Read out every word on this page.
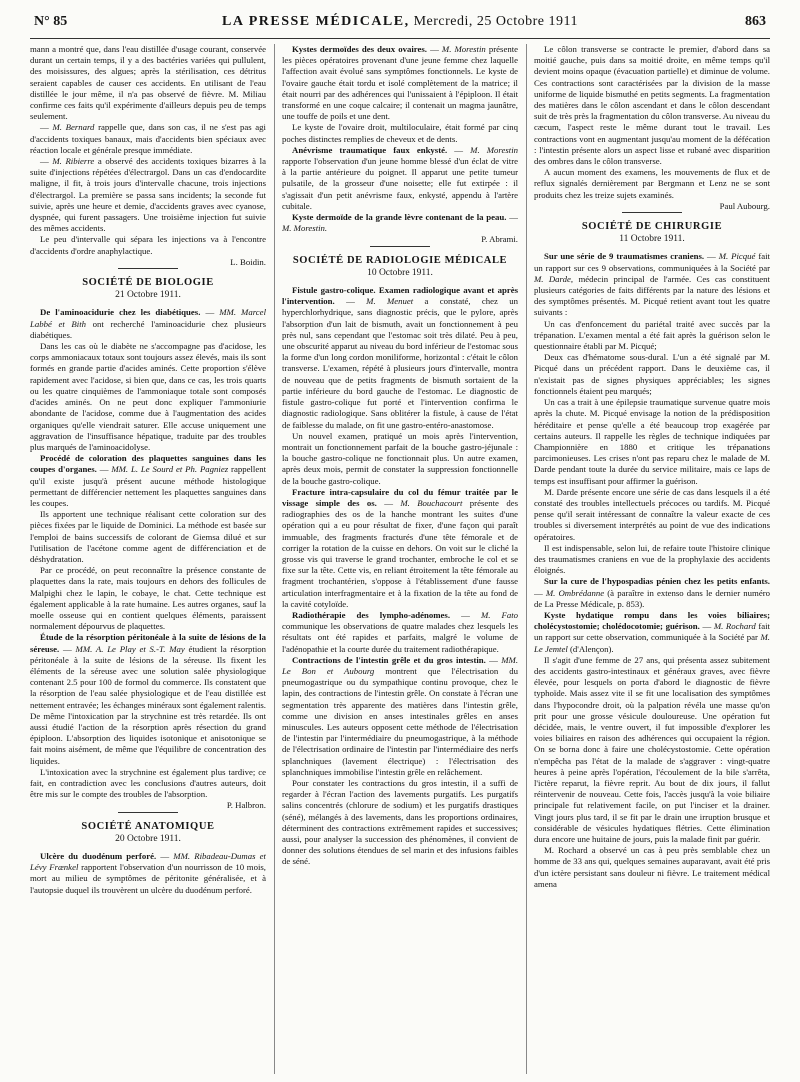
N° 85	LA PRESSE MÉDICALE, Mercredi, 25 Octobre 1911	863

mann a montré que, dans l'eau distillée d'usage courant, conservée durant un certain temps, il y a des bactéries variées qui pullulent, des moisissures, des algues; après la stérilisation, ces détritus seraient capables de causer ces accidents. En utilisant de l'eau distillée le jour même, il n'a pas observé de fièvre. M. Miliau confirme ces faits qu'il expérimente d'ailleurs depuis peu de temps seulement.

— M. Bernard rappelle que, dans son cas, il ne s'est pas agi d'accidents toxiques banaux, mais d'accidents bien spéciaux avec réaction locale et générale presque immédiate.

— M. Ribierre a observé des accidents toxiques bizarres à la suite d'injections répétées d'électrargol. Dans un cas d'endocardite maligne, il fit, à trois jours d'intervalle chacune, trois injections d'électrargol. La première se passa sans incidents; la seconde fut suivie, après une heure et demie, d'accidents graves avec cyanose, dyspnée, qui furent passagers. Une troisième injection fut suivie des mêmes accidents.

Le peu d'intervalle qui sépara les injections va à l'encontre d'accidents d'ordre anaphylactique.

L. Boidin.

SOCIÉTÉ DE BIOLOGIE
21 Octobre 1911.

De l'aminoacidurie chez les diabétiques. — MM. Marcel Labbé et Bith ont recherché l'aminoacidurie chez plusieurs diabétiques.

Dans les cas où le diabète ne s'accompagne pas d'acidose, les corps ammoniacaux totaux sont toujours assez élevés, mais ils sont formés en grande partie d'acides aminés. Cette proportion s'élève rapidement avec l'acidose, si bien que, dans ce cas, les trois quarts ou les quatre cinquièmes de l'ammoniaque totale sont composés d'acides aminés. On ne peut donc expliquer l'ammoniurie abondante de l'acidose, comme due à l'augmentation des acides organiques qu'elle viendrait saturer. Elle accuse uniquement une aggravation de l'insuffisance hépatique, traduite par des troubles plus marqués de l'aminoacidolyse.

Procédé de coloration des plaquettes sanguines dans les coupes d'organes. — MM. L. Le Sourd et Ph. Pagniez rappellent qu'il existe jusqu'à présent aucune méthode histologique permettant de différencier nettement les plaquettes sanguines dans les coupes.

Ils apportent une technique réalisant cette coloration sur des pièces fixées par le liquide de Dominici. La méthode est basée sur l'emploi de bains successifs de colorant de Giemsa dilué et sur l'utilisation de l'acétone comme agent de différenciation et de déshydratation.

Par ce procédé, on peut reconnaître la présence constante de plaquettes dans la rate, mais toujours en dehors des follicules de Malpighi chez le lapin, le cobaye, le chat. Cette technique est également applicable à la rate humaine. Les autres organes, sauf la moelle osseuse qui en contient quelques éléments, paraissent normalement dépourvus de plaquettes.

Étude de la résorption péritonéale à la suite de lésions de la séreuse. — MM. A. Le Play et S.-T. May étudient la résorption péritonéale à la suite de lésions de la séreuse. Ils fixent les éléments de la séreuse avec une solution salée physiologique contenant 2.5 pour 100 de formol du commerce. Ils constatent que la résorption de l'eau salée physiologique et de l'eau distillée est nettement entravée; les échanges minéraux sont également ralentis. De même l'intoxication par la strychnine est très retardée. Ils ont aussi étudié l'action de la résorption après résection du grand épiploon. L'absorption des liquides isotonique et anisotonique se fait moins aisément, de même que l'équilibre de concentration des liquides.

L'intoxication avec la strychnine est également plus tardive; ce fait, en contradiction avec les conclusions d'autres auteurs, doit être mis sur le compte des troubles de l'absorption.

P. Halbron.

SOCIÉTÉ ANATOMIQUE
20 Octobre 1911.

Ulcère du duodénum perforé. — MM. Ribadeau-Dumas et Lévy Frænkel rapportent l'observation d'un nourrisson de 10 mois, mort au milieu de symptômes de péritonite généralisée, et à l'autopsie duquel ils trouvèrent un ulcère du duodénum perforé.

Kystes dermoïdes des deux ovaires. — M. Morestin présente les pièces opératoires provenant d'une jeune femme chez laquelle l'affection avait évolué sans symptômes fonctionnels. Le kyste de l'ovaire gauche était tordu et isolé complètement de la matrice; il était nourri par des adhérences qui l'unissaient à l'épiploon. Il était transformé en une coque calcaire; il contenait un magma jaunâtre, une touffe de poils et une dent.

Le kyste de l'ovaire droit, multiloculaire, était formé par cinq poches distinctes remplies de cheveux et de dents.

Anévrisme traumatique faux enkysté. — M. Morestin rapporte l'observation d'un jeune homme blessé d'un éclat de vitre à la partie antérieure du poignet. Il apparut une petite tumeur pulsatile, de la grosseur d'une noisette; elle fut extirpée : il s'agissait d'un petit anévrisme faux, enkysté, appendu à l'artère cubitale.

Kyste dermoïde de la grande lèvre contenant de la peau. — M. Morestin.

P. Abrami.

SOCIÉTÉ DE RADIOLOGIE MÉDICALE
10 Octobre 1911.

Fistule gastro-colique. Examen radiologique avant et après l'intervention. — M. Menuet a constaté, chez un hyperchlorhydrique, sans diagnostic précis, que le pylore, après l'absorption d'un lait de bismuth, avait un fonctionnement à peu près nul, sans cependant que l'estomac soit très dilaté. Peu à peu, une obscurité apparut au niveau du bord inférieur de l'estomac sous la forme d'un long cordon moniliforme, horizontal : c'était le côlon transverse. L'examen, répété à plusieurs jours d'intervalle, montra de nouveau que de petits fragments de bismuth sortaient de la partie inférieure du bord gauche de l'estomac. Le diagnostic de fistule gastro-colique fut porté et l'intervention confirma le diagnostic radiologique. Sans oblitérer la fistule, à cause de l'état de faiblesse du malade, on fit une gastro-entéro-anastomose.

Un nouvel examen, pratiqué un mois après l'intervention, montrait un fonctionnement parfait de la bouche gastro-jéjunale : la bouche gastro-colique ne fonctionnait plus. Un autre examen, après deux mois, permit de constater la suppression fonctionnelle de la bouche gastro-colique.

Fracture intra-capsulaire du col du fémur traitée par le vissage simple des os. — M. Bouchacourt présente des radiographies des os de la hanche montrant les suites d'une opération qui a eu pour résultat de fixer, d'une façon qui paraît immuable, des fragments fracturés d'une tête fémorale et de corriger la rotation de la cuisse en dehors. On voit sur le cliché la grosse vis qui traverse le grand trochanter, embroche le col et se fixe sur la tête. Cette vis, en reliant étroitement la tête fémorale au fragment trochantérien, s'oppose à l'établissement d'une fausse articulation interfragmentaire et à la fixation de la tête au fond de la cavité cotyloïde.

Radiothérapie des lympho-adénomes. — M. Fato communique les observations de quatre malades chez lesquels les résultats ont été rapides et parfaits, malgré le volume de l'adénopathie et la courte durée du traitement radiothérapique.

Contractions de l'intestin grêle et du gros intestin. — MM. Le Bon et Aubourg montrent que l'électrisation du pneumogastrique ou du sympathique continu provoque, chez le lapin, des contractions de l'intestin grêle. On constate à l'écran une segmentation très apparente des matières dans l'intestin grêle, comme une division en anses intestinales grêles en anses minuscules. Les auteurs opposent cette méthode de l'électrisation de l'intestin par l'intermédiaire du pneumogastrique, à la méthode de l'électrisation ordinaire de l'intestin par l'intermédiaire des nerfs splanchniques (lavement électrique) : l'électrisation des splanchniques immobilise l'intestin grêle en relâchement.

Pour constater les contractions du gros intestin, il a suffi de regarder à l'écran l'action des lavements purgatifs. Les purgatifs salins concentrés (chlorure de sodium) et les purgatifs drastiques (séné), mélangés à des lavements, dans les proportions ordinaires, déterminent des contractions extrêmement rapides et successives; aussi, pour analyser la succession des phénomènes, il convient de donner des solutions étendues de sel marin et des infusions faibles de séné.

Le côlon transverse se contracte le premier, d'abord dans sa moitié gauche, puis dans sa moitié droite, en même temps qu'il devient moins opaque (évacuation partielle) et diminue de volume. Ces contractions sont caractérisées par la division de la masse uniforme de liquide bismuthé en petits segments. La fragmentation des matières dans le côlon ascendant et dans le côlon descendant suit de très près la fragmentation du côlon transverse. Au niveau du cæcum, l'aspect reste le même durant tout le travail. Les contractions vont en augmentant jusqu'au moment de la défécation : l'intestin présente alors un aspect lisse et rubané avec disparition des ombres dans le côlon transverse.

A aucun moment des examens, les mouvements de flux et de reflux signalés dernièrement par Bergmann et Lenz ne se sont produits chez les treize sujets examinés.

Paul Aubourg.

SOCIÉTÉ DE CHIRURGIE
11 Octobre 1911.

Sur une série de 9 traumatismes craniens. — M. Picqué fait un rapport sur ces 9 observations, communiquées à la Société par M. Darde, médecin principal de l'armée. Ces cas constituent plusieurs catégories de faits différents par la nature des lésions et des symptômes présentés. M. Picqué retient avant tout les quatre suivants :

Un cas d'enfoncement du pariétal traité avec succès par la trépanation. L'examen mental a été fait après la guérison selon le questionnaire établi par M. Picqué;

Deux cas d'hématome sous-dural. L'un a été signalé par M. Picqué dans un précédent rapport. Dans le deuxième cas, il n'existait pas de signes physiques appréciables; les signes fonctionnels étaient peu marqués;

Un cas a trait à une épilepsie traumatique survenue quatre mois après la chute. M. Picqué envisage la notion de la prédisposition héréditaire et pense qu'elle a été beaucoup trop exagérée par certains auteurs. Il rappelle les règles de technique indiquées par Championnière en 1880 et critique les trépanations parcimonieuses. Les crises n'ont pas reparu chez le malade de M. Darde pendant toute la durée du service militaire, mais ce laps de temps est insuffisant pour affirmer la guérison.

M. Darde présente encore une série de cas dans lesquels il a été constaté des troubles intellectuels précoces ou tardifs. M. Picqué pense qu'il serait intéressant de connaître la valeur exacte de ces troubles si diversement interprétés au point de vue des indications opératoires.

Il est indispensable, selon lui, de refaire toute l'histoire clinique des traumatismes craniens en vue de la prophylaxie des accidents éloignés.

Sur la cure de l'hypospadias pénien chez les petits enfants. — M. Ombrédanne (à paraître in extenso dans le dernier numéro de La Presse Médicale, p. 853).

Kyste hydatique rompu dans les voies biliaires; cholécystostomie; cholédocotomie; guérison. — M. Rochard fait un rapport sur cette observation, communiquée à la Société par M. Le Jemtel (d'Alençon).

Il s'agit d'une femme de 27 ans, qui présenta assez subitement des accidents gastro-intestinaux et généraux graves, avec fièvre élevée, pour lesquels on porta d'abord le diagnostic de fièvre typhoïde. Mais assez vite il se fit une localisation des symptômes dans l'hypocondre droit, où la palpation révéla une masse qu'on prit pour une grosse vésicule douloureuse. Une opération fut décidée, mais, le ventre ouvert, il fut impossible d'explorer les voies biliaires en raison des adhérences qui occupaient la région. On se borna donc à faire une cholécystostomie. Cette opération n'empêcha pas l'état de la malade de s'aggraver : vingt-quatre heures à peine après l'opération, l'écoulement de la bile s'arrêta, l'ictère reparut, la fièvre reprit. Au bout de dix jours, il fallut réintervenir de nouveau. Cette fois, l'accès jusqu'à la voie biliaire principale fut relativement facile, on put l'inciser et la drainer. Vingt jours plus tard, il se fit par le drain une irruption brusque et considérable de vésicules hydatiques flétries. Cette élimination dura encore une huitaine de jours, puis la malade finit par guérir.

M. Rochard a observé un cas à peu près semblable chez un homme de 33 ans qui, quelques semaines auparavant, avait été pris d'un ictère persistant sans douleur ni fièvre. Le traitement médical amena
